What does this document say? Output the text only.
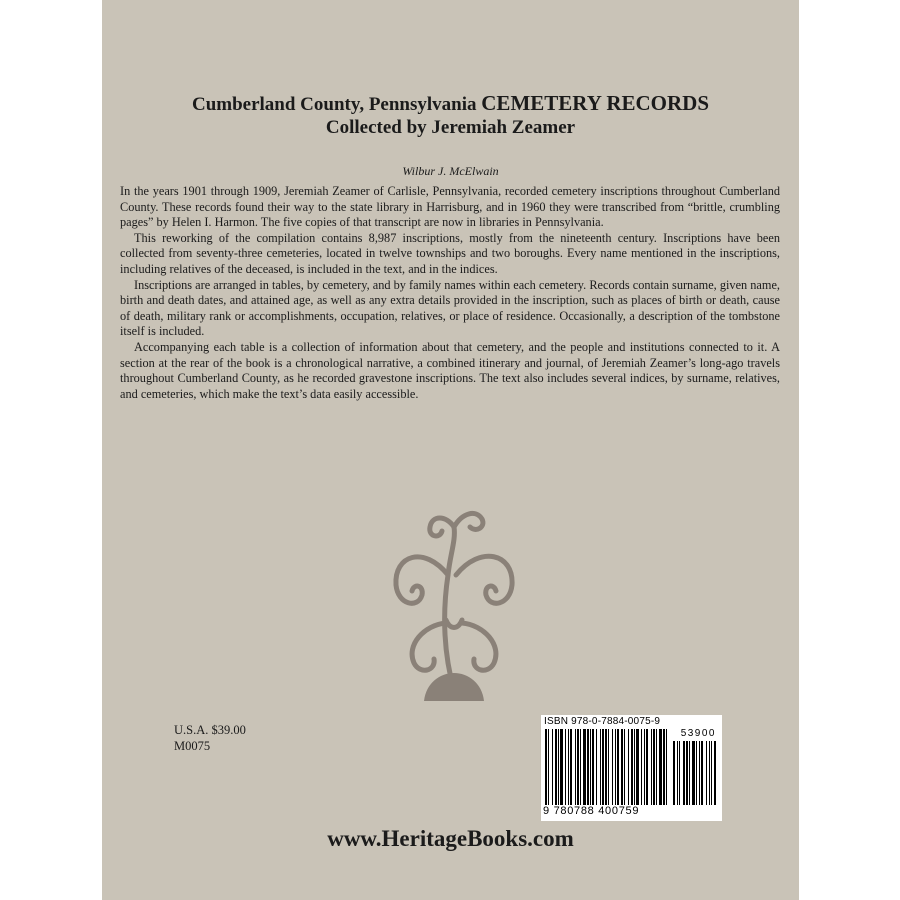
Cumberland County, Pennsylvania CEMETERY RECORDS
Collected by Jeremiah Zeamer
Wilbur J. McElwain

In the years 1901 through 1909, Jeremiah Zeamer of Carlisle, Pennsylvania, recorded cemetery inscriptions throughout Cumberland County. These records found their way to the state library in Harrisburg, and in 1960 they were transcribed from “brittle, crumbling pages” by Helen I. Harmon. The five copies of that transcript are now in libraries in Pennsylvania.

This reworking of the compilation contains 8,987 inscriptions, mostly from the nineteenth century. Inscriptions have been collected from seventy-three cemeteries, located in twelve townships and two boroughs. Every name mentioned in the inscriptions, including relatives of the deceased, is included in the text, and in the indices.

Inscriptions are arranged in tables, by cemetery, and by family names within each cemetery. Records contain surname, given name, birth and death dates, and attained age, as well as any extra details provided in the inscription, such as places of birth or death, cause of death, military rank or accomplishments, occupation, relatives, or place of residence. Occasionally, a description of the tombstone itself is included.

Accompanying each table is a collection of information about that cemetery, and the people and institutions connected to it. A section at the rear of the book is a chronological narrative, a combined itinerary and journal, of Jeremiah Zeamer’s long-ago travels throughout Cumberland County, as he recorded gravestone inscriptions. The text also includes several indices, by surname, relatives, and cemeteries, which make the text’s data easily accessible.

U.S.A. $39.00
M0075
ISBN 978-0-7884-0075-9
53900
9 780788 400759
www.HeritageBooks.com
